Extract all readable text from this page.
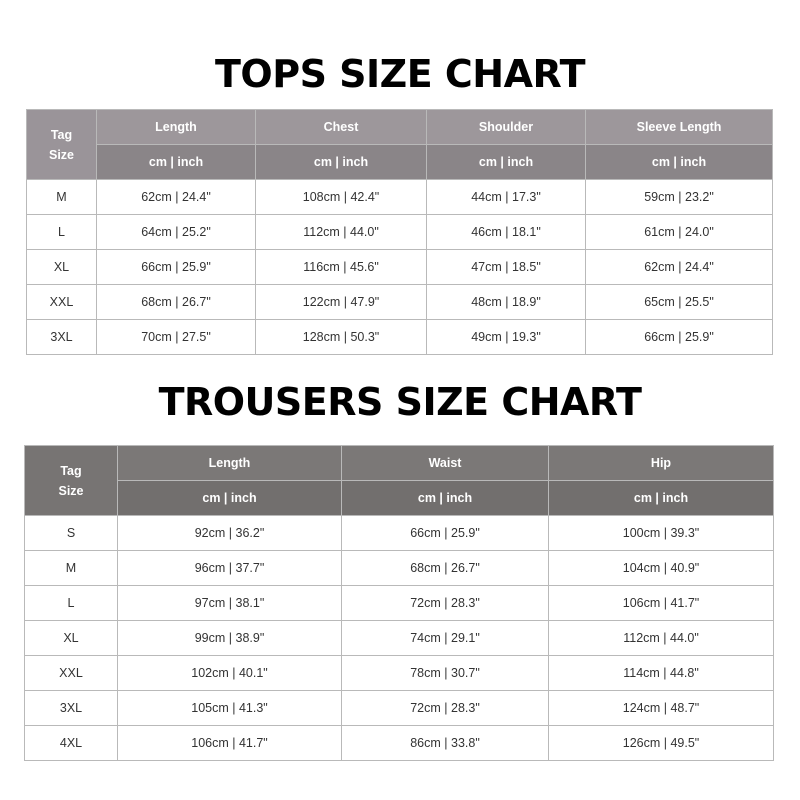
TOPS SIZE CHART
Tag
Size	Length	Chest	Shoulder	Sleeve Length
	cm | inch	cm | inch	cm | inch	cm | inch
M	62cm | 24.4"	108cm | 42.4"	44cm | 17.3"	59cm | 23.2"
L	64cm | 25.2"	112cm | 44.0"	46cm | 18.1"	61cm | 24.0"
XL	66cm | 25.9"	116cm | 45.6"	47cm | 18.5"	62cm | 24.4"
XXL	68cm | 26.7"	122cm | 47.9"	48cm | 18.9"	65cm | 25.5"
3XL	70cm | 27.5"	128cm | 50.3"	49cm | 19.3"	66cm | 25.9"
TROUSERS SIZE CHART
Tag
Size	Length	Waist	Hip
	cm | inch	cm | inch	cm | inch
S	92cm | 36.2"	66cm | 25.9"	100cm | 39.3"
M	96cm | 37.7"	68cm | 26.7"	104cm | 40.9"
L	97cm | 38.1"	72cm | 28.3"	106cm | 41.7"
XL	99cm | 38.9"	74cm | 29.1"	112cm | 44.0"
XXL	102cm | 40.1"	78cm | 30.7"	114cm | 44.8"
3XL	105cm | 41.3"	72cm | 28.3"	124cm | 48.7"
4XL	106cm | 41.7"	86cm | 33.8"	126cm | 49.5"
